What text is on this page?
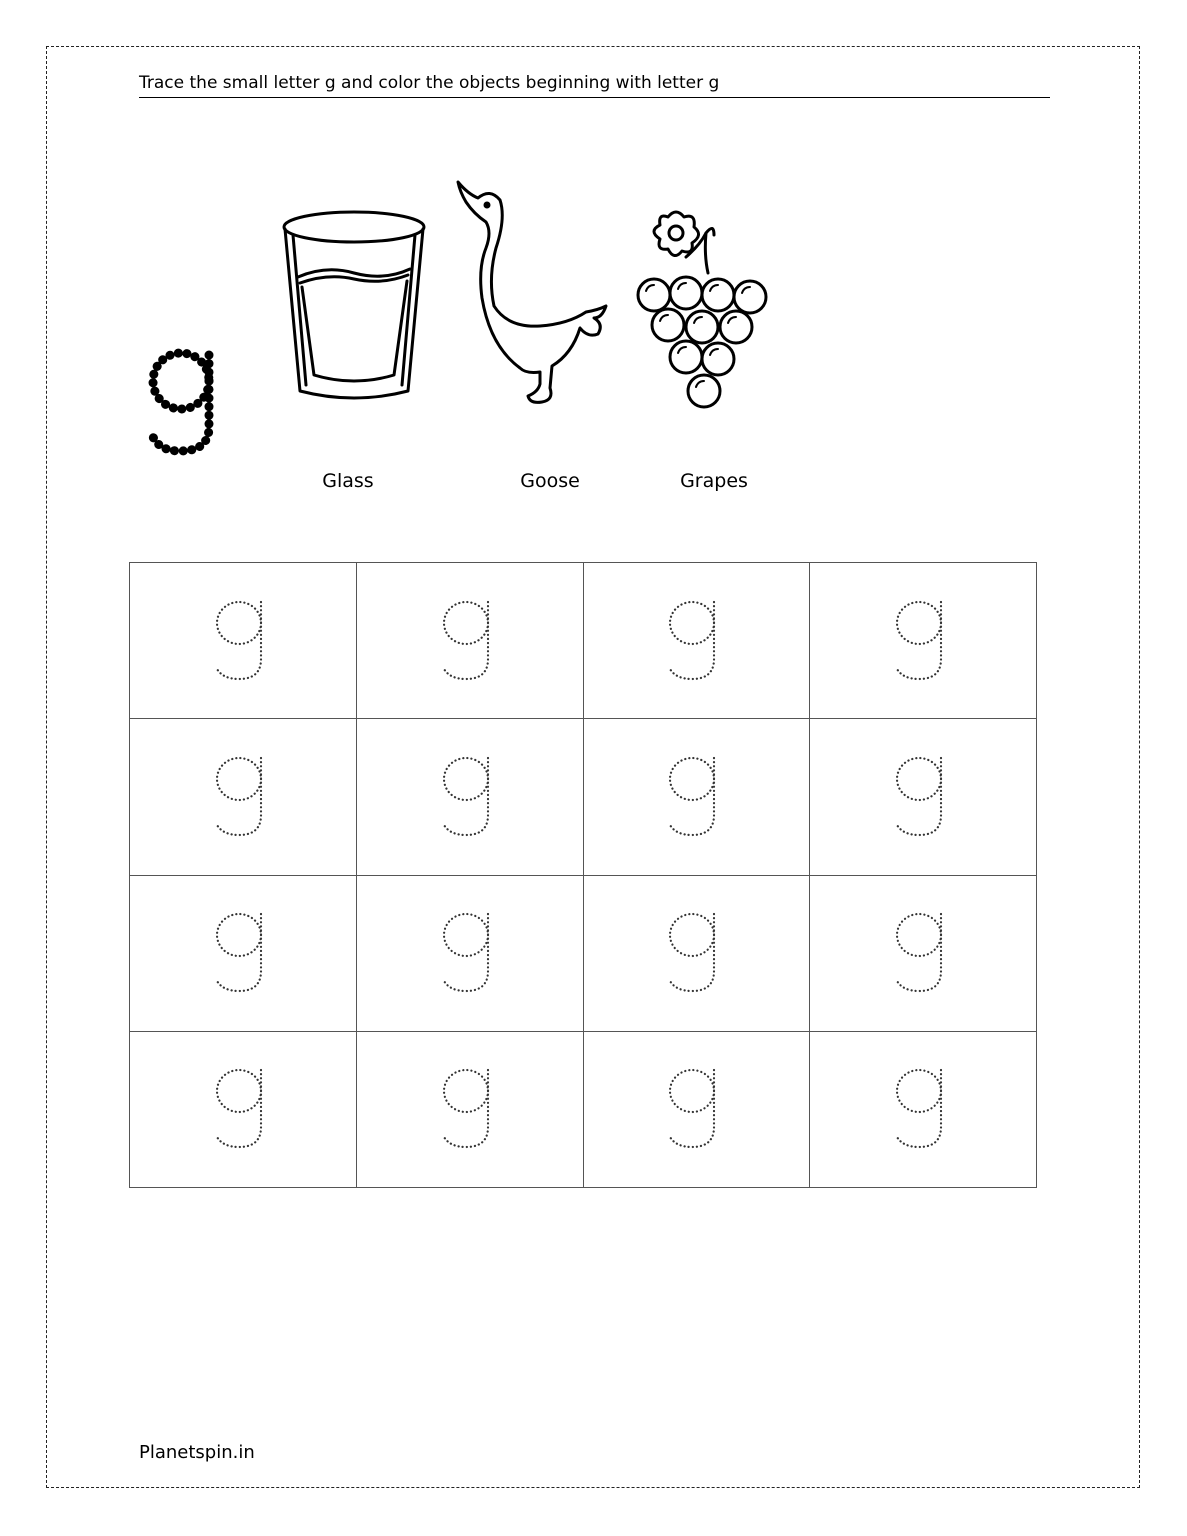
Trace the small letter g and color the objects beginning with letter g
Glass	Goose	Grapes
Planetspin.in
